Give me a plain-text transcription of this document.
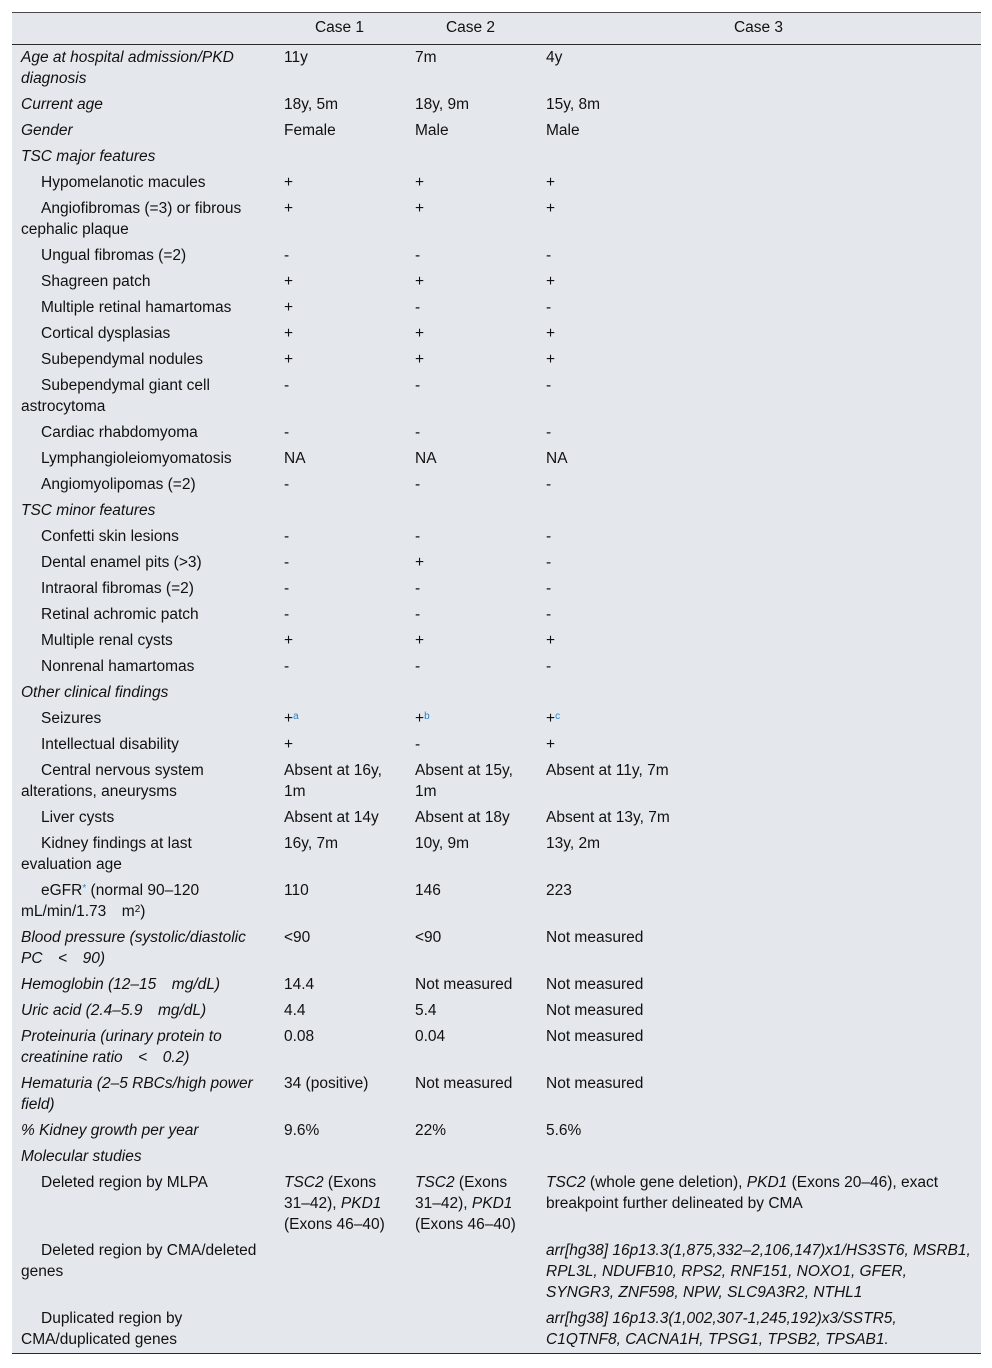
	Case 1	Case 2	Case 3
Age at hospital admission/PKD diagnosis	11y	7m	4y
Current age	18y, 5m	18y, 9m	15y, 8m
Gender	Female	Male	Male
TSC major features			
Hypomelanotic macules	+	+	+
Angiofibromas (=3) or fibrous cephalic plaque	+	+	+
Ungual fibromas (=2)	-	-	-
Shagreen patch	+	+	+
Multiple retinal hamartomas	+	-	-
Cortical dysplasias	+	+	+
Subependymal nodules	+	+	+
Subependymal giant cell astrocytoma	-	-	-
Cardiac rhabdomyoma	-	-	-
Lymphangioleiomyomatosis	NA	NA	NA
Angiomyolipomas (=2)	-	-	-
TSC minor features			
Confetti skin lesions	-	-	-
Dental enamel pits (>3)	-	+	-
Intraoral fibromas (=2)	-	-	-
Retinal achromic patch	-	-	-
Multiple renal cysts	+	+	+
Nonrenal hamartomas	-	-	-
Other clinical findings			
Seizures	+$^a$	+$^b$	+$^c$
Intellectual disability	+	-	+
Central nervous system alterations, aneurysms	Absent at 16y, 1m	Absent at 15y, 1m	Absent at 11y, 7m
Liver cysts	Absent at 14y	Absent at 18y	Absent at 13y, 7m
Kidney findings at last evaluation age	16y, 7m	10y, 9m	13y, 2m
eGFR* (normal 90–120 mL/min/1.73 $m^2$)	110	146	223
Blood pressure (systolic/diastolic PC < 90)	<90	<90	Not measured
Hemoglobin (12–15 mg/dL)	14.4	Not measured	Not measured
Uric acid (2.4–5.9 mg/dL)	4.4	5.4	Not measured
Proteinuria (urinary protein to creatinine ratio < 0.2)	0.08	0.04	Not measured
Hematuria (2–5 RBCs/high power field)	34 (positive)	Not measured	Not measured
% Kidney growth per year	9.6%	22%	5.6%
Molecular studies			
Deleted region by MLPA	TSC2 (Exons 31–42), PKD1 (Exons 46–40)	TSC2 (Exons 31–42), PKD1 (Exons 46–40)	TSC2 (whole gene deletion), PKD1 (Exons 20–46), exact breakpoint further delineated by CMA
Deleted region by CMA/deleted genes			arr[hg38] 16p13.3(1,875,332–2,106,147)x1/HS3ST6, MSRB1, RPL3L, NDUFB10, RPS2, RNF151, NOXO1, GFER, SYNGR3, ZNF598, NPW, SLC9A3R2, NTHL1
Duplicated region by CMA/duplicated genes			arr[hg38] 16p13.3(1,002,307-1,245,192)x3/SSTR5, C1QTNF8, CACNA1H, TPSG1, TPSB2, TPSAB1.
